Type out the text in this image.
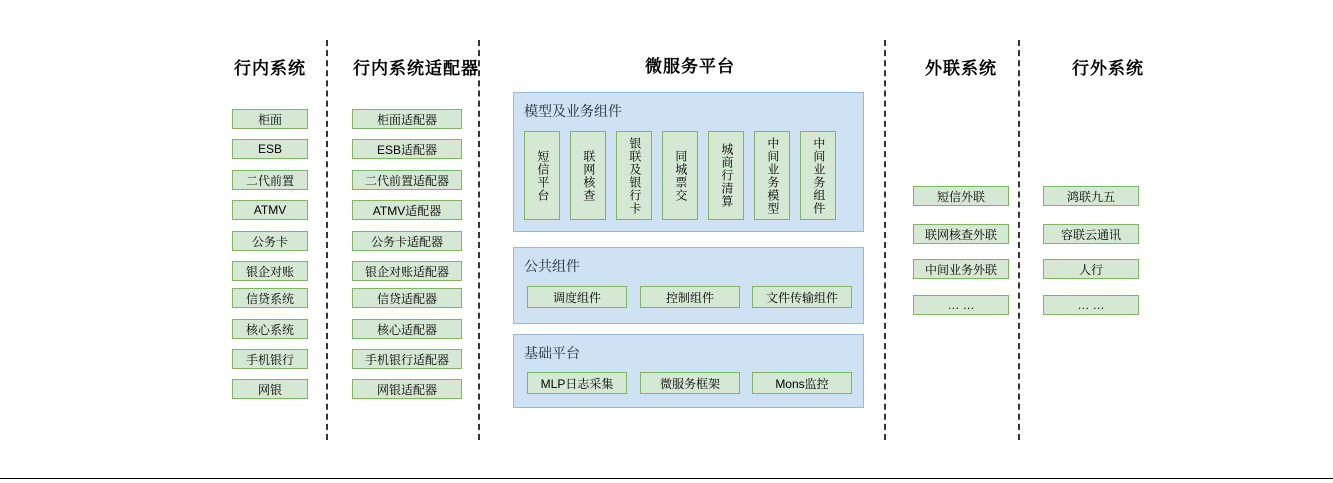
行内系统	行内系统适配器	微服务平台	外联系统	行外系统
柜面
ESB
二代前置
ATMV
公务卡
银企对账
信贷系统
核心系统
手机银行
网银
柜面适配器
ESB适配器
二代前置适配器
ATMV适配器
公务卡适配器
银企对账适配器
信贷适配器
核心适配器
手机银行适配器
网银适配器
模型及业务组件
短信平台	联网核查	银联及银行卡	同城票交	城商行清算	中间业务模型	中间业务组件
公共组件
调度组件	控制组件	文件传输组件
基础平台
MLP日志采集	微服务框架	Mons监控
短信外联
联网核查外联
中间业务外联
… …
鸿联九五
容联云通讯
人行
… …
